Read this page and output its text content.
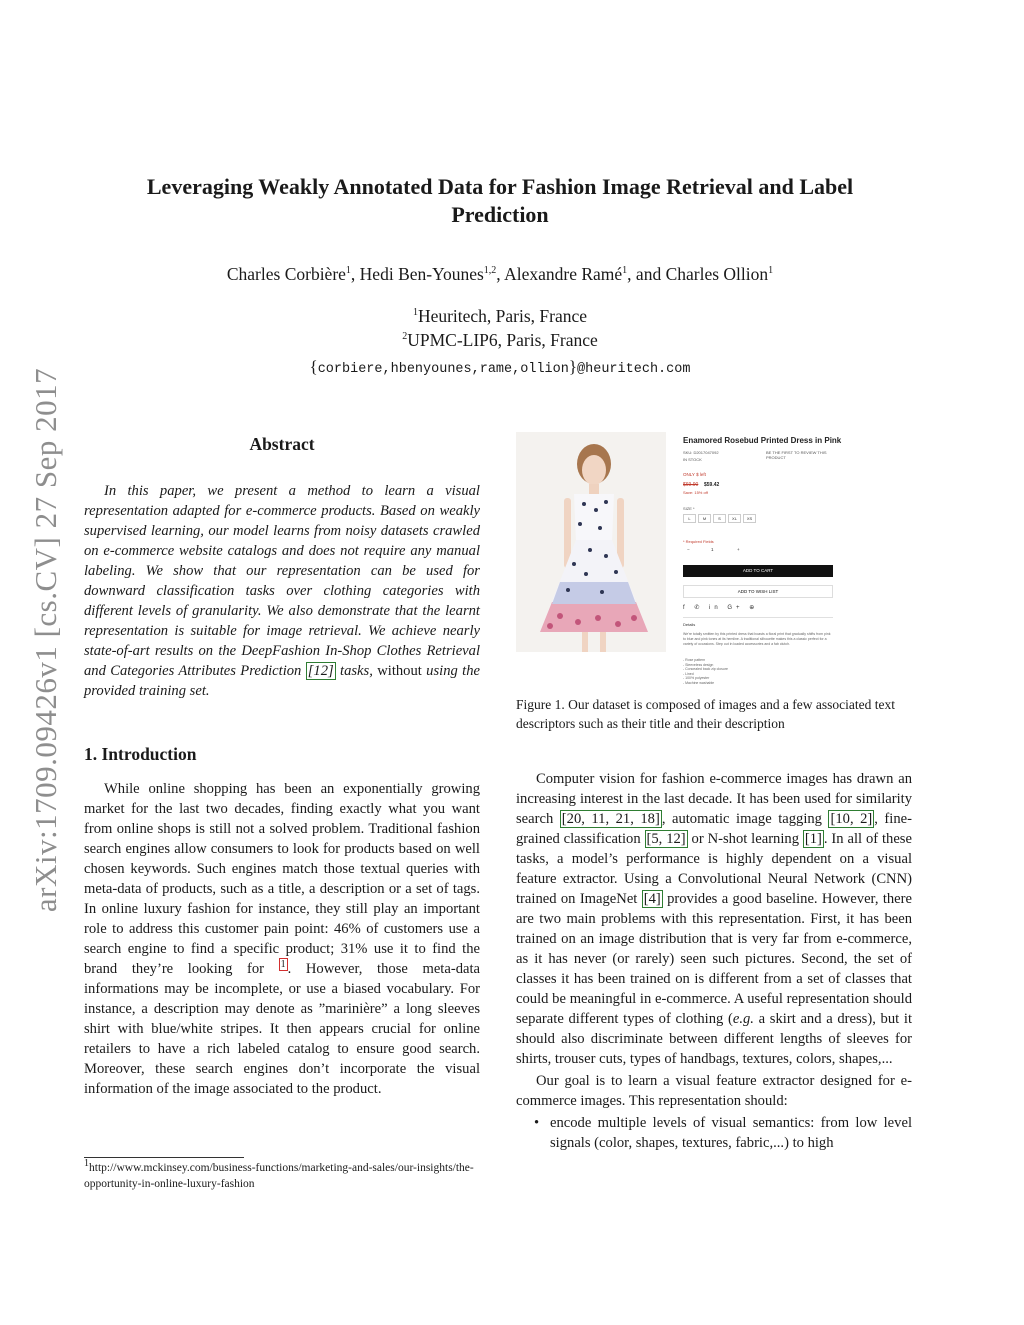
arXiv:1709.09426v1 [cs.CV] 27 Sep 2017
Leveraging Weakly Annotated Data for Fashion Image Retrieval and Label Prediction
Charles Corbière$^1$, Hedi Ben-Younes$^{1,2}$, Alexandre Ramé$^1$, and Charles Ollion$^1$
$^1$Heuritech, Paris, France
$^2$UPMC-LIP6, Paris, France
{corbiere,hbenyounes,rame,ollion}@heuritech.com
Abstract

In this paper, we present a method to learn a visual representation adapted for e-commerce products. Based on weakly supervised learning, our model learns from noisy datasets crawled on e-commerce website catalogs and does not require any manual labeling. We show that our representation can be used for downward classification tasks over clothing categories with different levels of granularity. We also demonstrate that the learnt representation is suitable for image retrieval. We achieve nearly state-of-art results on the DeepFashion In-Shop Clothes Retrieval and Categories Attributes Prediction [12] tasks, without using the provided training set.

1. Introduction

While online shopping has been an exponentially growing market for the last two decades, finding exactly what you want from online shops is still not a solved problem. Traditional fashion search engines allow consumers to look for products based on well chosen keywords. Such engines match those textual queries with meta-data of products, such as a title, a description or a set of tags. In online luxury fashion for instance, they still play an important role to address this customer pain point: 46% of customers use a search engine to find a specific product; 31% use it to find the brand they’re looking for $^1$ . However, those meta-data informations may be incomplete, or use a biased vocabulary. For instance, a description may denote as ”marinière” a long sleeves shirt with blue/white stripes. It then appears crucial for online retailers to have a rich labeled catalog to ensure good search. Moreover, these search engines don’t incorporate the visual information of the image associated to the product.

$^1$http://www.mckinsey.com/business-functions/marketing-and-sales/our-insights/the-opportunity-in-online-luxury-fashion
Enamored Rosebud Printed Dress in Pink
SKU: D2017047092	BE THE FIRST TO REVIEW THIS PRODUCT
IN STOCK
ONLY $ left
$69.90 $59.42
Save: 15% off
SIZE *
L	M	S	XL	XS
* Required Fields
−	1	+
ADD TO CART
ADD TO WISH LIST
f ✆ in G+ ⊕
Details
We're totally smitten by this printed dress that boasts a floral print that gradually shifts from pink to blue and pink tones at its hemline. A traditional silhouette makes this a classic perfect for a variety of occasions. Step out in loaded accessories and a fab clutch.
- Rose pattern
- Sleeveless design
- Concealed back zip closure
- Lined
- 100% polyester
- Machine washable
Figure 1. Our dataset is composed of images and a few associated text descriptors such as their title and their description

Computer vision for fashion e-commerce images has drawn an increasing interest in the last decade. It has been used for similarity search [20, 11, 21, 18] , automatic image tagging [10, 2] , fine-grained classification [5, 12] or N-shot learning [1] . In all of these tasks, a model’s performance is highly dependent on a visual feature extractor. Using a Convolutional Neural Network (CNN) trained on ImageNet [4] provides a good baseline. However, there are two main problems with this representation. First, it has been trained on an image distribution that is very far from e-commerce, as it has never (or rarely) seen such pictures. Second, the set of classes it has been trained on is different from a set of classes that could be meaningful in e-commerce. A useful representation should separate different types of clothing (e.g. a skirt and a dress), but it should also discriminate between different lengths of sleeves for shirts, trouser cuts, types of handbags, textures, colors, shapes,...

Our goal is to learn a visual feature extractor designed for e-commerce images. This representation should:

• encode multiple levels of visual semantics: from low level signals (color, shapes, textures, fabric,...) to high
